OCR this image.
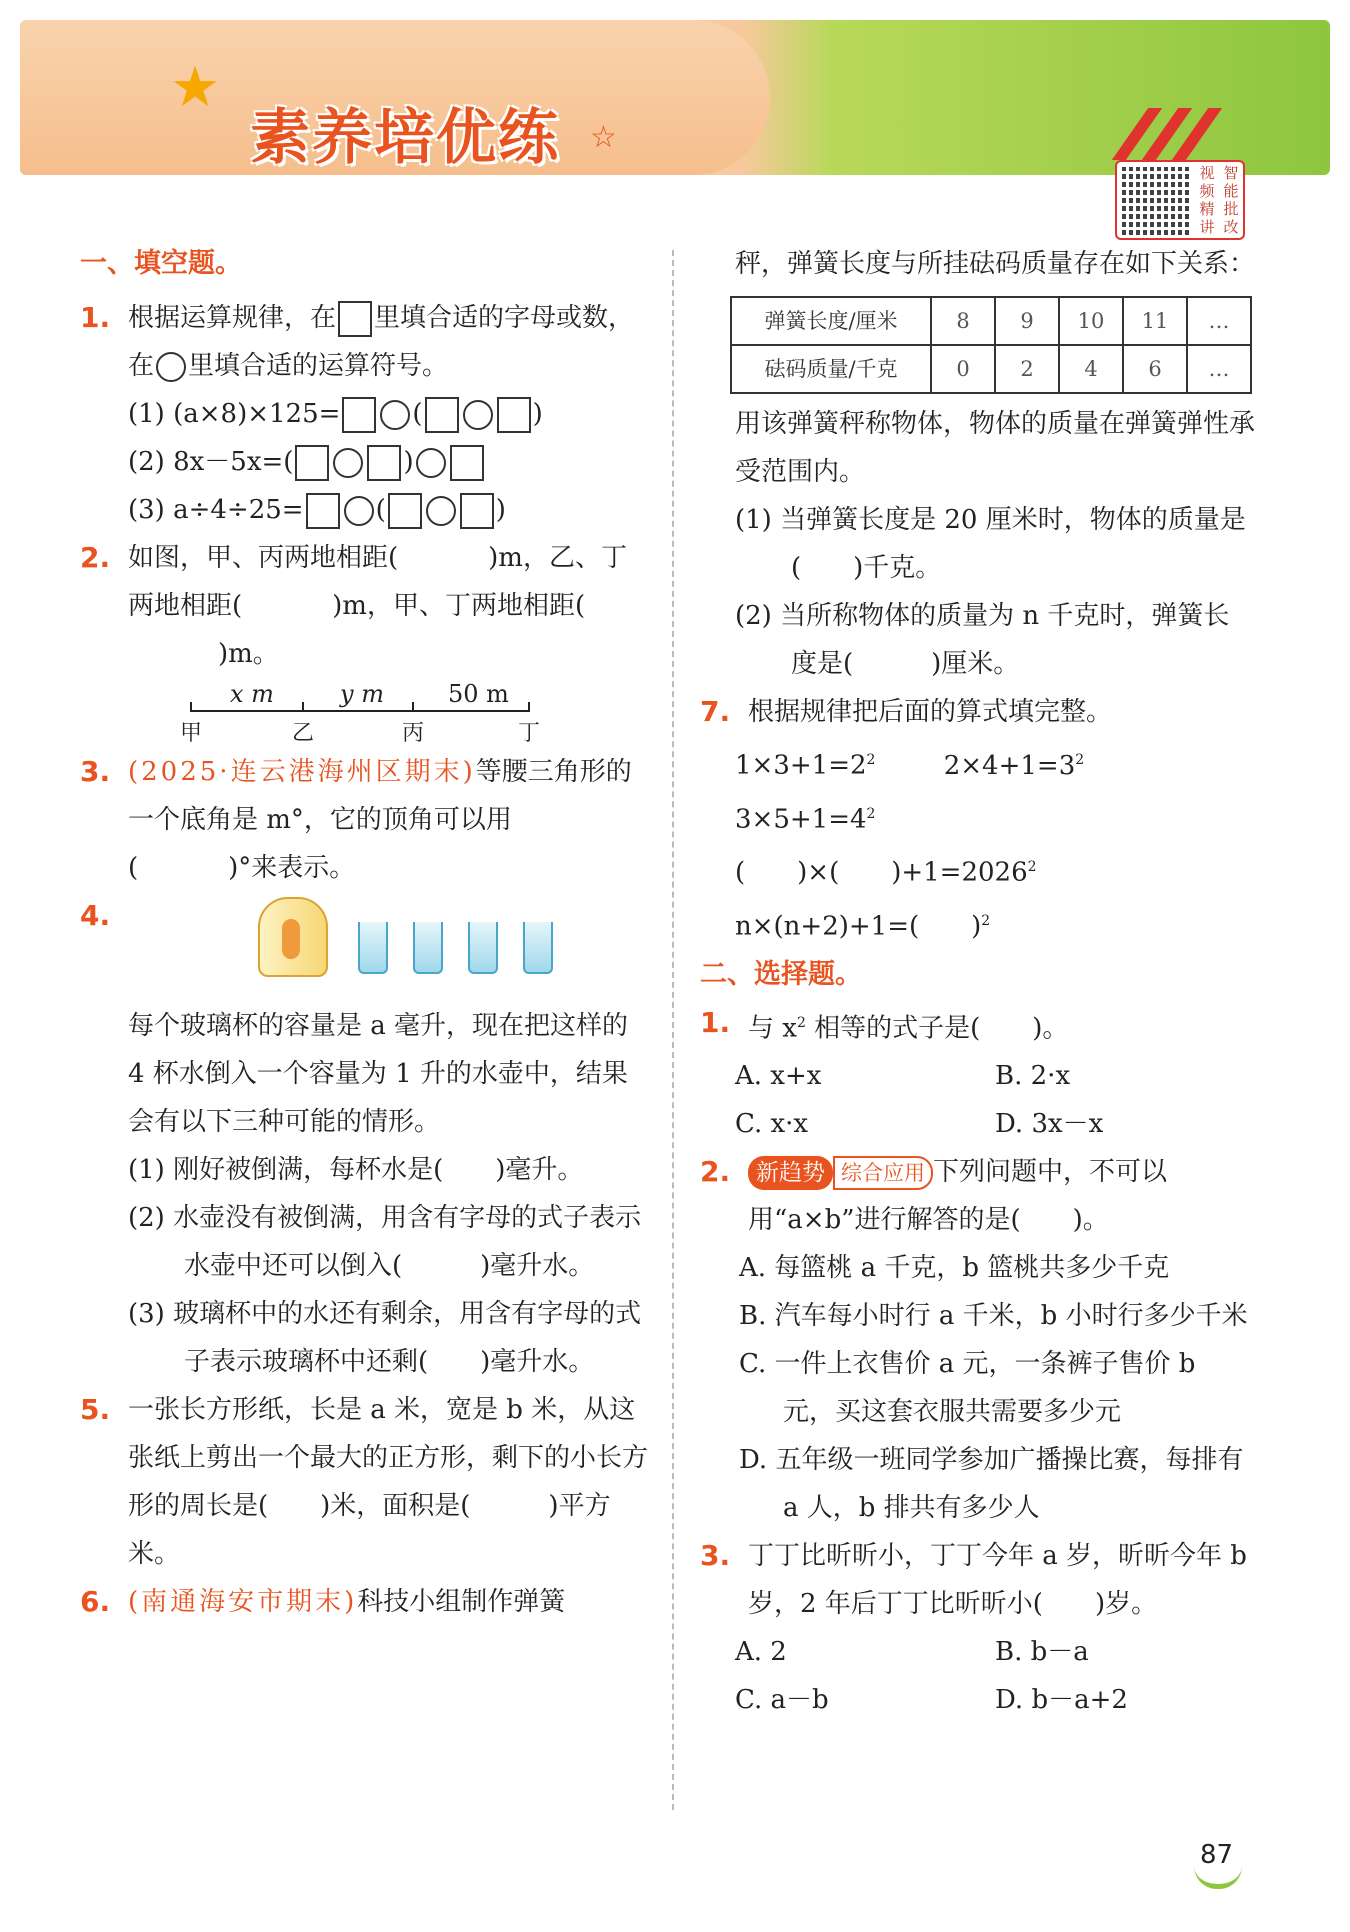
★
☆
素养培优练	视 智
频 能
精 批
讲 改
一、填空题。
1. 根据运算规律，在 里填合适的字母或数，在 里填合适的运算符号。
(1) (a×8)×125=	(	)
(2) 8x－5x=(	)
(3) a÷4÷25=	(	)
2. 如图，甲、丙两地相距(	)m，乙、丁两地相距(	)m，甲、丁两地相距()m。
x m	y m	50 m
甲	乙	丙	丁
3. (2025·连云港海州区期末)等腰三角形的一个底角是 m°，它的顶角可以用
(	)°来表示。
4.
每个玻璃杯的容量是 a 毫升，现在把这样的 4 杯水倒入一个容量为 1 升的水壶中，结果会有以下三种可能的情形。
(1) 刚好被倒满，每杯水是(　　)毫升。
(2) 水壶没有被倒满，用含有字母的式子表示水壶中还可以倒入(　　　)毫升水。
(3) 玻璃杯中的水还有剩余，用含有字母的式子表示玻璃杯中还剩(　　)毫升水。
5. 一张长方形纸，长是 a 米，宽是 b 米，从这张纸上剪出一个最大的正方形，剩下的小长方形的周长是(　　)米，面积是(　　　)平方米。
6. (南通海安市期末)科技小组制作弹簧
秤，弹簧长度与所挂砝码质量存在如下关系：
弹簧长度/厘米	8	9	10	11	…
砝码质量/千克	0	2	4	6	…
用该弹簧秤称物体，物体的质量在弹簧弹性承受范围内。
(1) 当弹簧长度是 20 厘米时，物体的质量是(　　)千克。
(2) 当所称物体的质量为 n 千克时，弹簧长度是(　　　)厘米。
7. 根据规律把后面的算式填完整。
$1\times 3+1=2^2$	$2\times 4+1=3^2$
$3\times 5+1=4^2$
(　　)×(　　)$+1=2026^2$
n×(n+2)+1=(　　)$^2$
二、选择题。
1. 与 $x^2$ 相等的式子是(　　)。
A. x+x	B. 2·x
C. x·x	D. 3x－x
2. 新趋势 综合应用 下列问题中，不可以用“a×b”进行解答的是(　　)。
A. 每篮桃 a 千克，b 篮桃共多少千克
B. 汽车每小时行 a 千米，b 小时行多少千米
C. 一件上衣售价 a 元，一条裤子售价 b 元，买这套衣服共需要多少元
D. 五年级一班同学参加广播操比赛，每排有 a 人，b 排共有多少人
3. 丁丁比昕昕小，丁丁今年 a 岁，昕昕今年 b 岁，2 年后丁丁比昕昕小(　　)岁。
A. 2	B. b－a
C. a－b	D. b－a+2
87
